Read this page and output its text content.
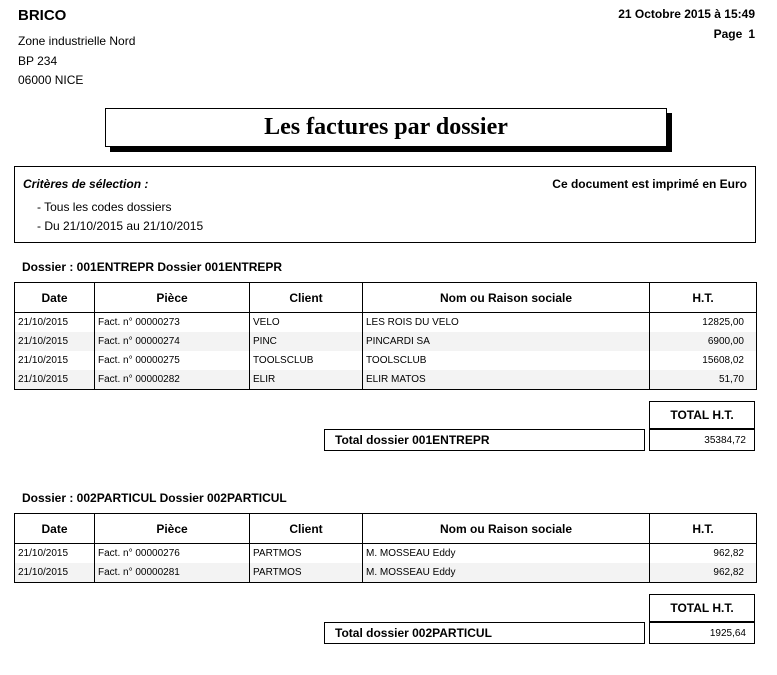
BRICO
Zone industrielle Nord
BP 234
06000 NICE
21 Octobre 2015 à 15:49
Page 1
Les factures par dossier
Critères de sélection :	Ce document est imprimé en Euro
- Tous les codes dossiers
- Du 21/10/2015 au 21/10/2015
Dossier : 001ENTREPR Dossier 001ENTREPR
Date	Pièce	Client	Nom ou Raison sociale	H.T.
21/10/2015	Fact. n° 00000273	VELO	LES ROIS DU VELO	12825,00
21/10/2015	Fact. n° 00000274	PINC	PINCARDI SA	6900,00
21/10/2015	Fact. n° 00000275	TOOLSCLUB	TOOLSCLUB	15608,02
21/10/2015	Fact. n° 00000282	ELIR	ELIR MATOS	51,70
TOTAL H.T.
Total dossier 001ENTREPR	35384,72
Dossier : 002PARTICUL Dossier 002PARTICUL
Date	Pièce	Client	Nom ou Raison sociale	H.T.
21/10/2015	Fact. n° 00000276	PARTMOS	M. MOSSEAU Eddy	962,82
21/10/2015	Fact. n° 00000281	PARTMOS	M. MOSSEAU Eddy	962,82
TOTAL H.T.
Total dossier 002PARTICUL	1925,64
